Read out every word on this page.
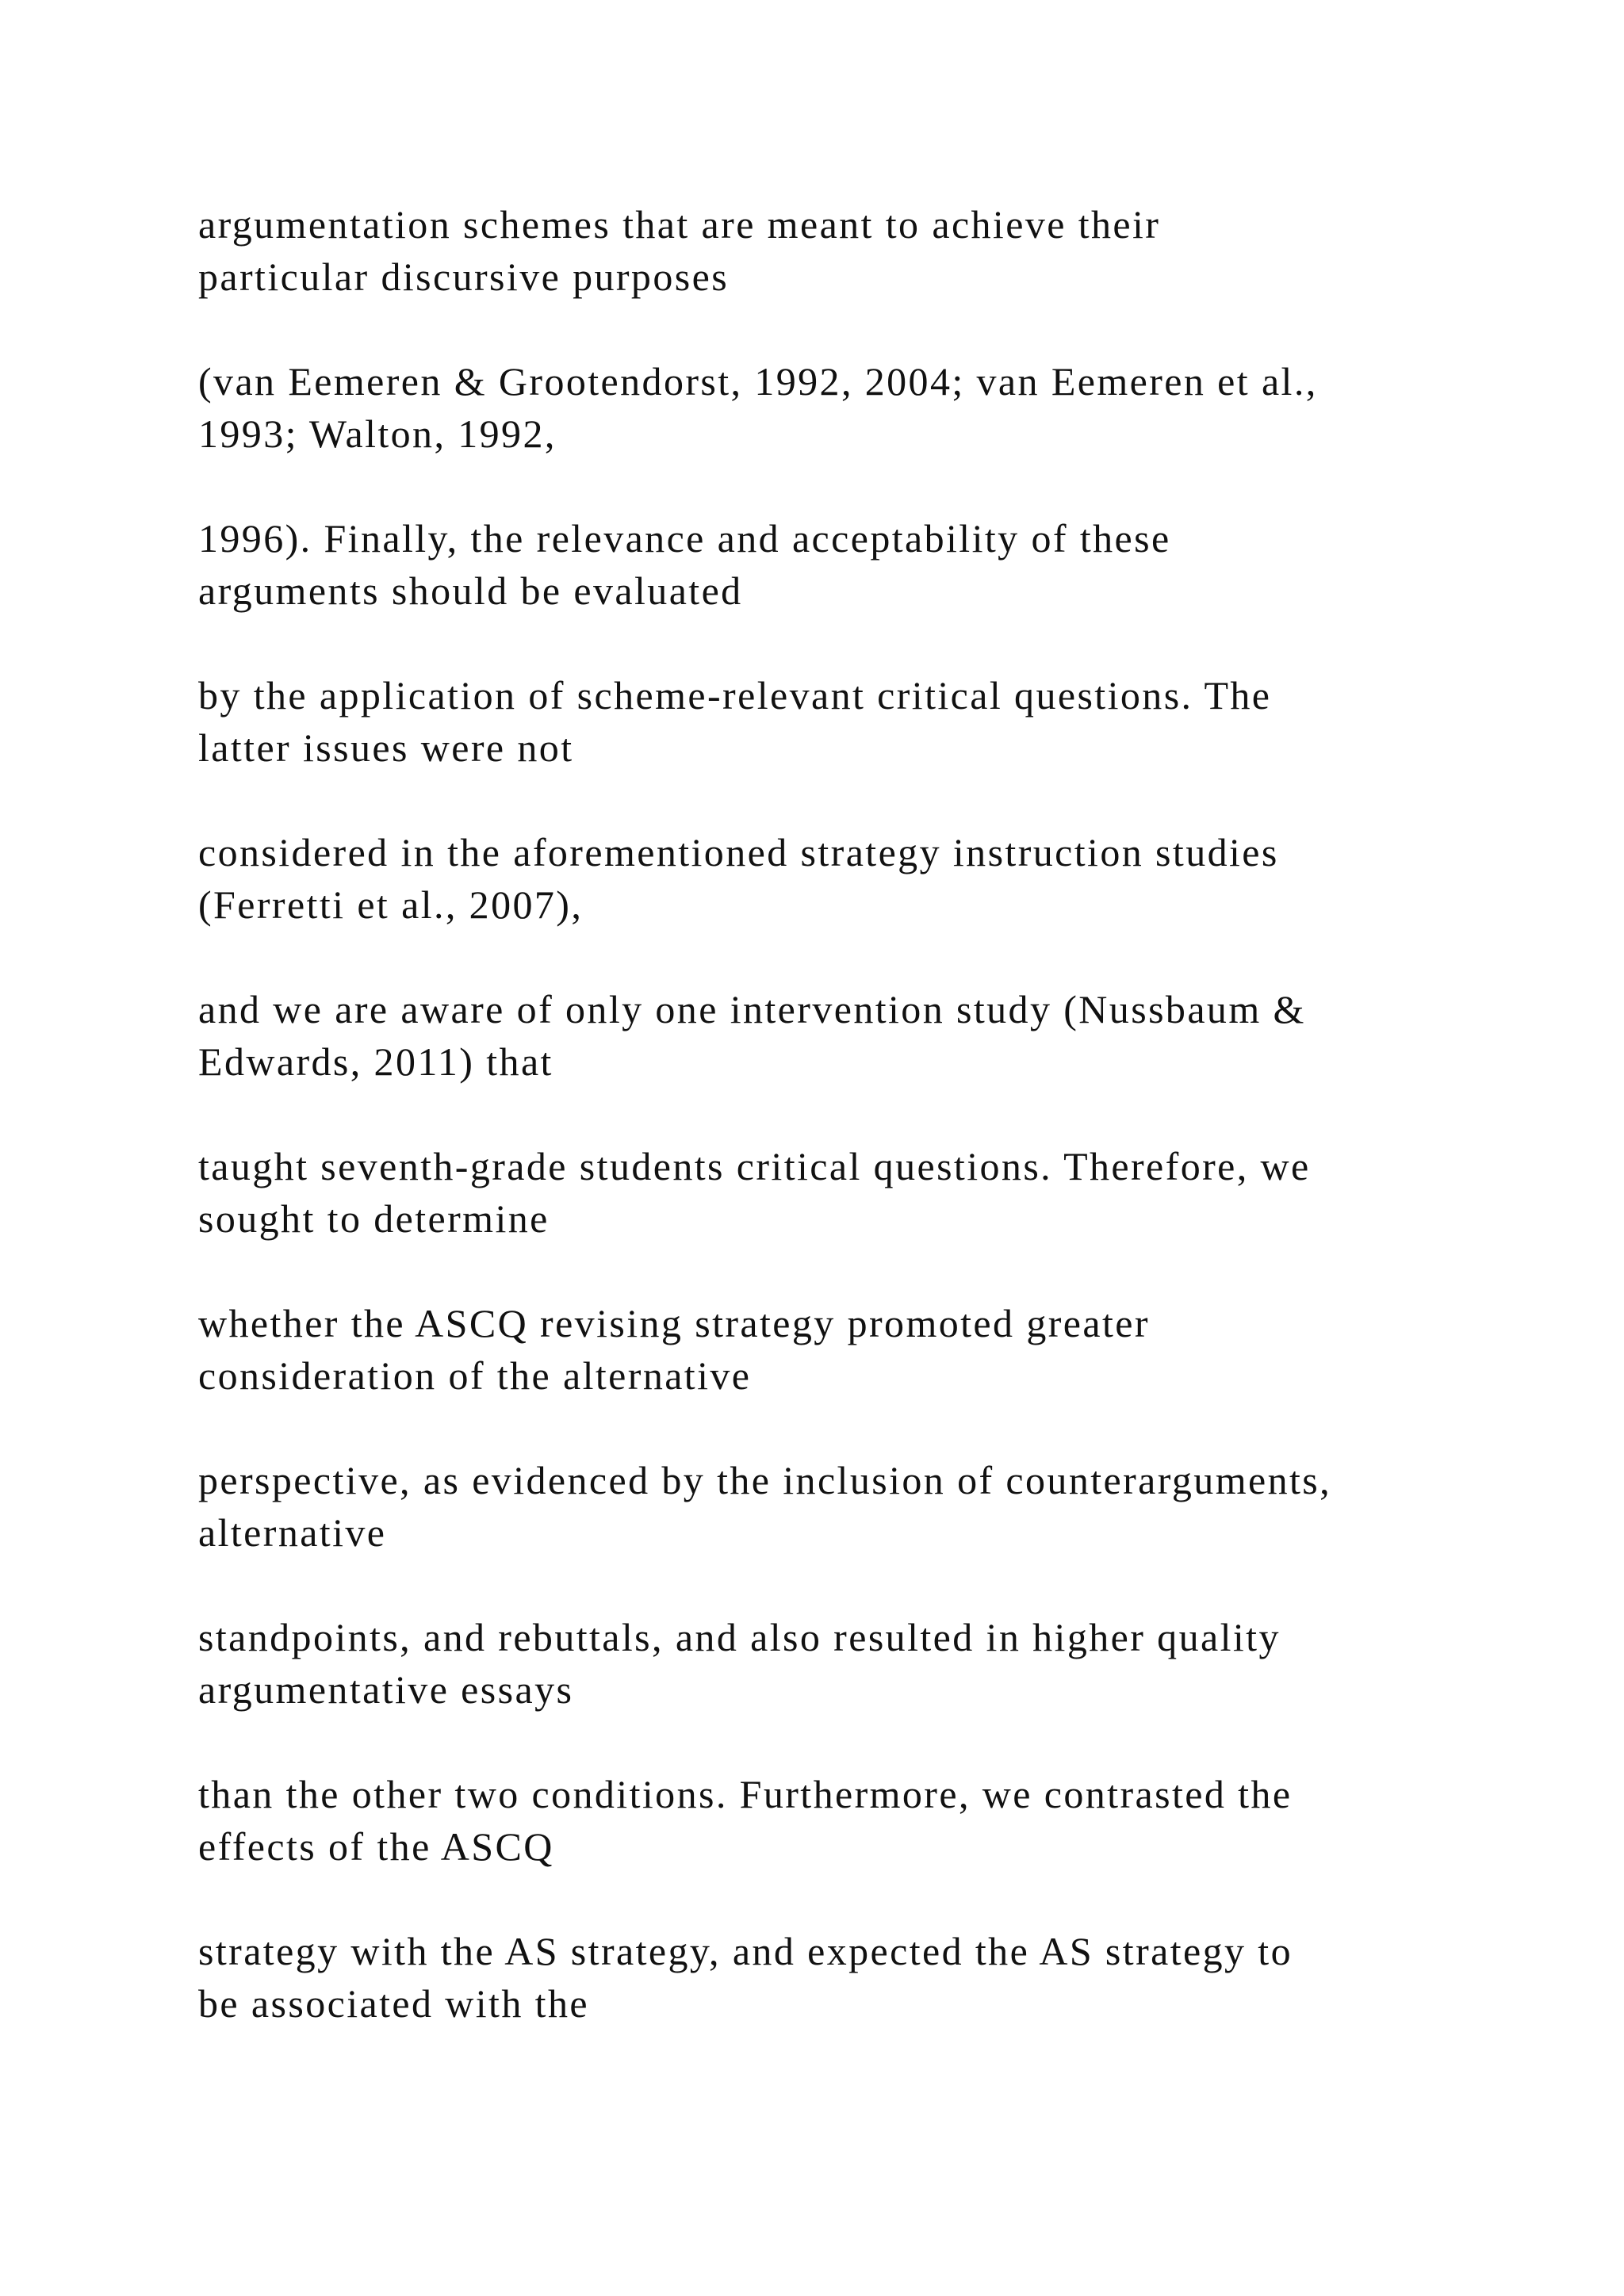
argumentation schemes that are meant to achieve their
particular discursive purposes

(van Eemeren & Grootendorst, 1992, 2004; van Eemeren et al.,
1993; Walton, 1992,

1996). Finally, the relevance and acceptability of these
arguments should be evaluated

by the application of scheme-relevant critical questions. The
latter issues were not

considered in the aforementioned strategy instruction studies
(Ferretti et al., 2007),

and we are aware of only one intervention study (Nussbaum &
Edwards, 2011) that

taught seventh-grade students critical questions. Therefore, we
sought to determine

whether the ASCQ revising strategy promoted greater
consideration of the alternative

perspective, as evidenced by the inclusion of counterarguments,
alternative

standpoints, and rebuttals, and also resulted in higher quality
argumentative essays

than the other two conditions. Furthermore, we contrasted the
effects of the ASCQ

strategy with the AS strategy, and expected the AS strategy to
be associated with the
